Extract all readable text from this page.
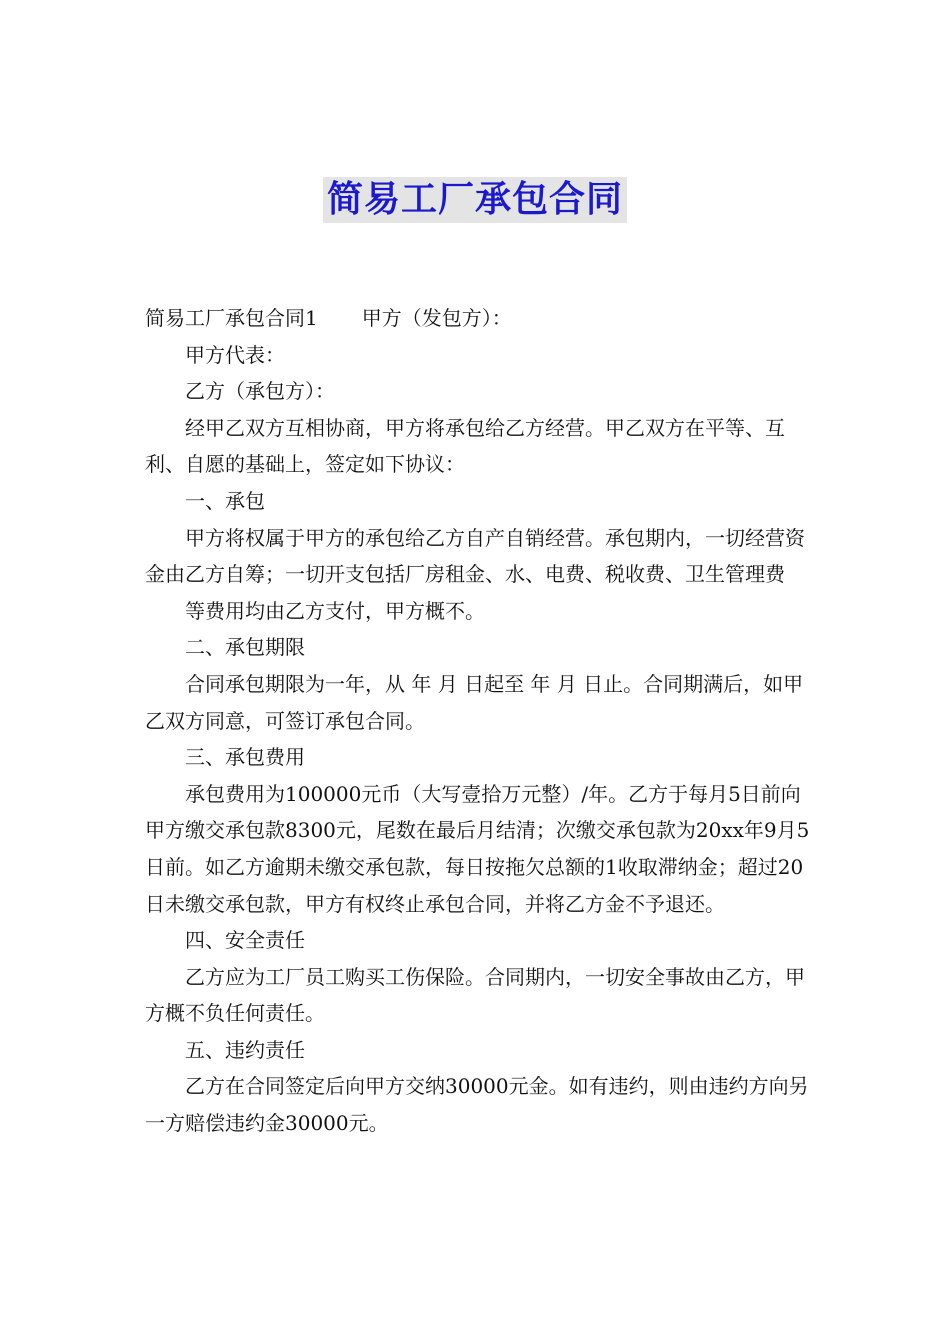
简易工厂承包合同

简易工厂承包合同1 甲方（发包方）：

甲方代表：

乙方（承包方）：

经甲乙双方互相协商，甲方将承包给乙方经营。甲乙双方在平等、互利、自愿的基础上，签定如下协议：

一、承包

甲方将权属于甲方的承包给乙方自产自销经营。承包期内，一切经营资金由乙方自筹；一切开支包括厂房租金、水、电费、税收费、卫生管理费

等费用均由乙方支付，甲方概不。

二、承包期限

合同承包期限为一年，从 年 月 日起至 年 月 日止。合同期满后，如甲乙双方同意，可签订承包合同。

三、承包费用

承包费用为100000元币（大写壹拾万元整）/年。乙方于每月5日前向甲方缴交承包款8300元，尾数在最后月结清；次缴交承包款为20xx年9月5日前。如乙方逾期未缴交承包款，每日按拖欠总额的1收取滞纳金；超过20日未缴交承包款，甲方有权终止承包合同，并将乙方金不予退还。

四、安全责任

乙方应为工厂员工购买工伤保险。合同期内，一切安全事故由乙方，甲方概不负任何责任。

五、违约责任

乙方在合同签定后向甲方交纳30000元金。如有违约，则由违约方向另一方赔偿违约金30000元。
